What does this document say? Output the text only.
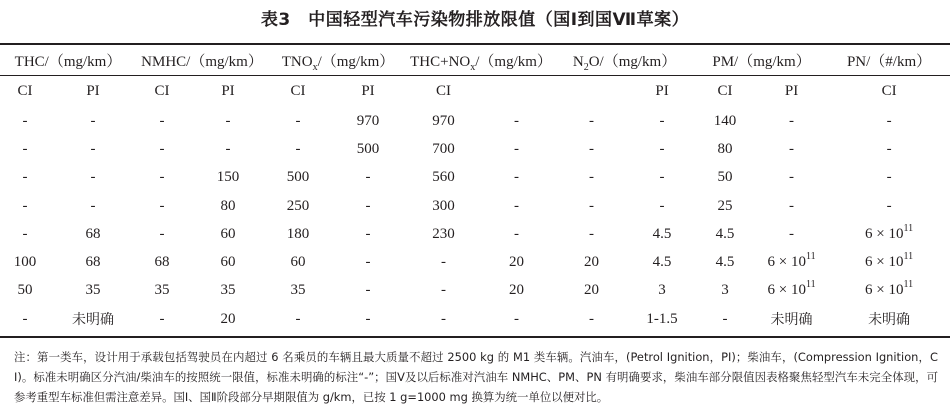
表3　中国轻型汽车污染物排放限值（国Ⅰ到国Ⅶ草案）
THC/（mg/km）		NMHC/（mg/km）		$TNO_x/(mg/km)$		$THC+NO_x/(mg/km)$		$N_2O/(mg/km)$		PM/（mg/km）		PN/（#/km）
CI	PI	CI	PI	CI	PI	CI			PI	CI	PI	CI
-	-	-	-	-	970	970	-	-	-	140	-	-
-	-	-	-	-	500	700	-	-	-	80	-	-
-	-	-	150	500	-	560	-	-	-	50	-	-
-	-	-	80	250	-	300	-	-	-	25	-	-
-	68	-	60	180	-	230	-	-	4.5	4.5	-	$6 \times 10^{11}$
100	68	68	60	60	-	-	20	20	4.5	4.5	$6 \times 10^{11}$	$6 \times 10^{11}$
50	35	35	35	35	-	-	20	20	3	3	$6 \times 10^{11}$	$6 \times 10^{11}$
-	未明确	-	20	-	-	-	-	-	1-1.5	-	未明确	未明确
注：第一类车，设计用于承载包括驾驶员在内超过 6 名乘员的车辆且最大质量不超过 2500 kg 的 M1 类车辆。汽油车，(Petrol Ignition，PI)；柴油车，(Compression Ignition，CI)。标准未明确区分汽油/柴油车的按照统一限值，标准未明确的标注“-”；国Ⅴ及以后标准对汽油车 NMHC、PM、PN 有明确要求，柴油车部分限值因表格聚焦轻型汽车未完全体现，可参考重型车标准但需注意差异。国Ⅰ、国Ⅱ阶段部分早期限值为 g/km，已按 1 g=1000 mg 换算为统一单位以便对比。
